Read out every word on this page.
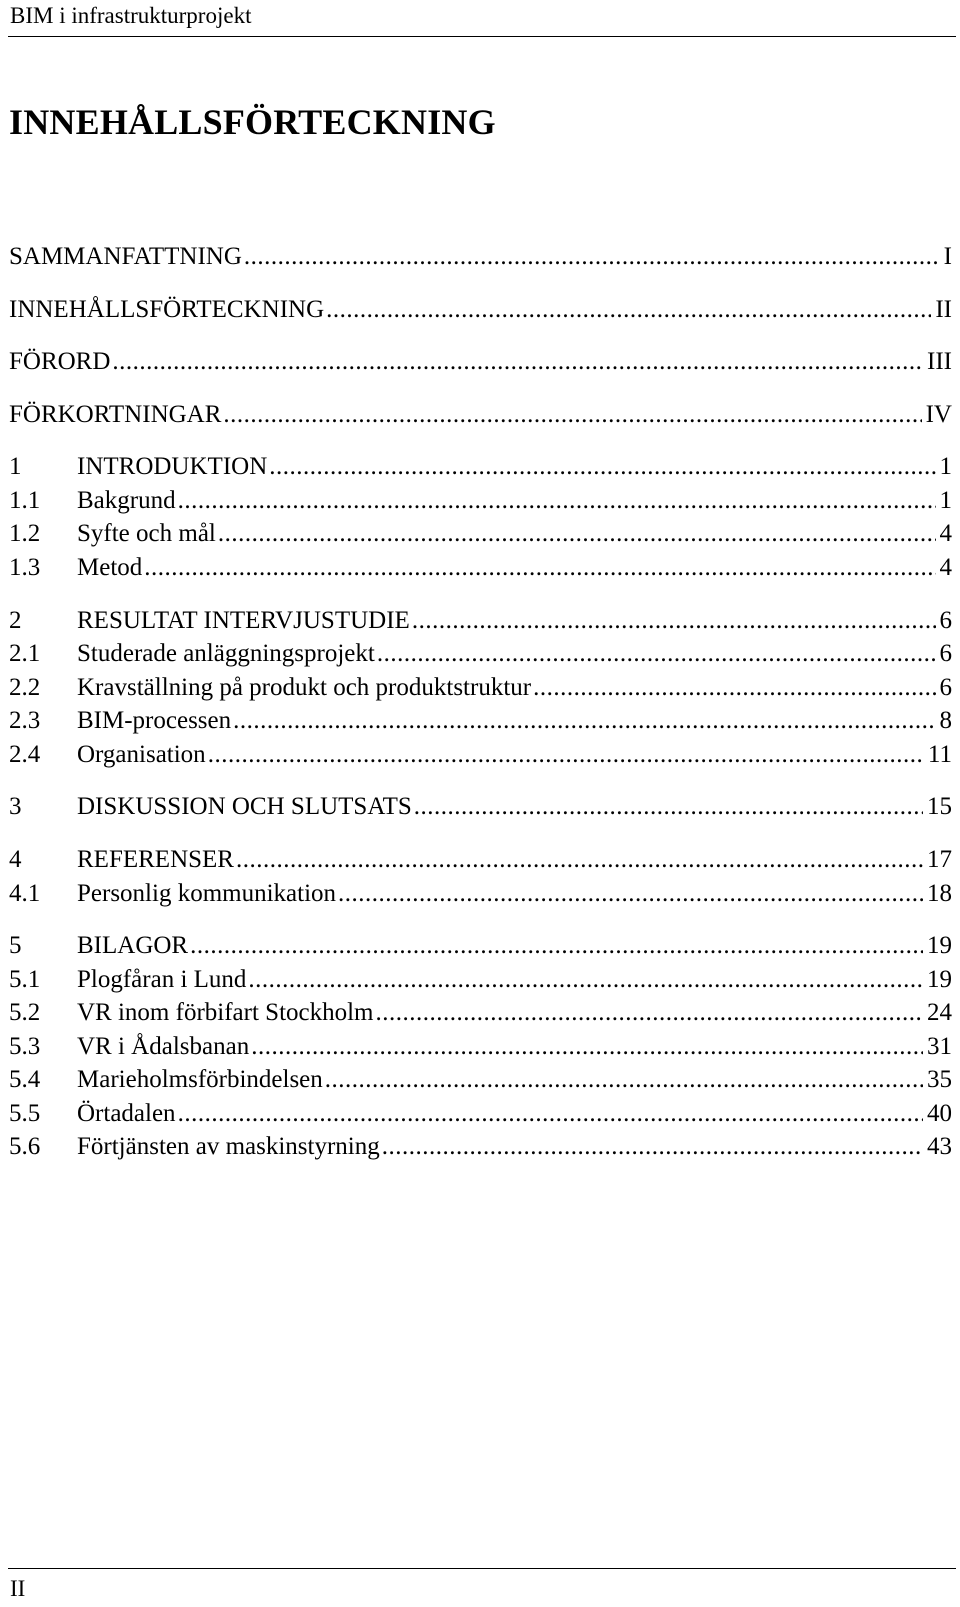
BIM i infrastrukturprojekt
INNEHÅLLSFÖRTECKNING
SAMMANFATTNING .....	I
INNEHÅLLSFÖRTECKNING .....	II
FÖRORD .....	III
FÖRKORTNINGAR .....	IV
1	INTRODUKTION .....	1
1.1	Bakgrund .....	1
1.2	Syfte och mål .....	4
1.3	Metod .....	4
2	RESULTAT INTERVJUSTUDIE .....	6
2.1	Studerade anläggningsprojekt .....	6
2.2	Kravställning på produkt och produktstruktur .....	6
2.3	BIM-processen .....	8
2.4	Organisation .....	11
3	DISKUSSION OCH SLUTSATS .....	15
4	REFERENSER .....	17
4.1	Personlig kommunikation .....	18
5	BILAGOR .....	19
5.1	Plogfåran i Lund .....	19
5.2	VR inom förbifart Stockholm .....	24
5.3	VR i Ådalsbanan .....	31
5.4	Marieholmsförbindelsen .....	35
5.5	Örtadalen .....	40
5.6	Förtjänsten av maskinstyrning .....	43
II
